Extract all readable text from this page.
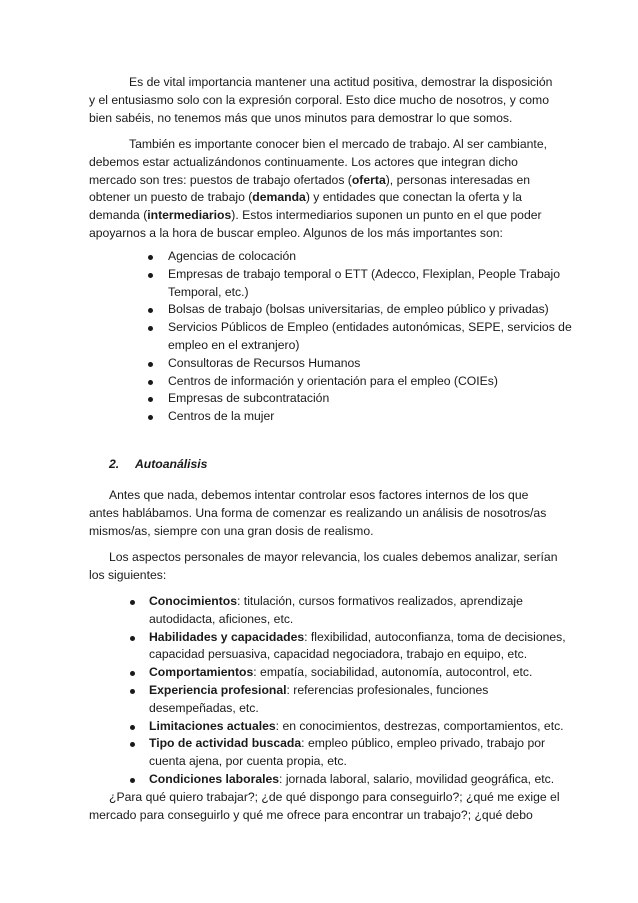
Es de vital importancia mantener una actitud positiva, demostrar la disposición
y el entusiasmo solo con la expresión corporal. Esto dice mucho de nosotros, y como
bien sabéis, no tenemos más que unos minutos para demostrar lo que somos.
También es importante conocer bien el mercado de trabajo. Al ser cambiante,
debemos estar actualizándonos continuamente. Los actores que integran dicho
mercado son tres: puestos de trabajo ofertados (oferta), personas interesadas en
obtener un puesto de trabajo (demanda) y entidades que conectan la oferta y la
demanda (intermediarios). Estos intermediarios suponen un punto en el que poder
apoyarnos a la hora de buscar empleo. Algunos de los más importantes son:
Agencias de colocación
Empresas de trabajo temporal o ETT (Adecco, Flexiplan, People Trabajo
Temporal, etc.)
Bolsas de trabajo (bolsas universitarias, de empleo público y privadas)
Servicios Públicos de Empleo (entidades autonómicas, SEPE, servicios de
empleo en el extranjero)
Consultoras de Recursos Humanos
Centros de información y orientación para el empleo (COIEs)
Empresas de subcontratación
Centros de la mujer
2. Autoanálisis
Antes que nada, debemos intentar controlar esos factores internos de los que
antes hablábamos. Una forma de comenzar es realizando un análisis de nosotros/as
mismos/as, siempre con una gran dosis de realismo.
Los aspectos personales de mayor relevancia, los cuales debemos analizar, serían
los siguientes:
Conocimientos: titulación, cursos formativos realizados, aprendizaje
autodidacta, aficiones, etc.
Habilidades y capacidades: flexibilidad, autoconfianza, toma de decisiones,
capacidad persuasiva, capacidad negociadora, trabajo en equipo, etc.
Comportamientos: empatía, sociabilidad, autonomía, autocontrol, etc.
Experiencia profesional: referencias profesionales, funciones
desempeñadas, etc.
Limitaciones actuales: en conocimientos, destrezas, comportamientos, etc.
Tipo de actividad buscada: empleo público, empleo privado, trabajo por
cuenta ajena, por cuenta propia, etc.
Condiciones laborales: jornada laboral, salario, movilidad geográfica, etc.
¿Para qué quiero trabajar?; ¿de qué dispongo para conseguirlo?; ¿qué me exige el
mercado para conseguirlo y qué me ofrece para encontrar un trabajo?; ¿qué debo
